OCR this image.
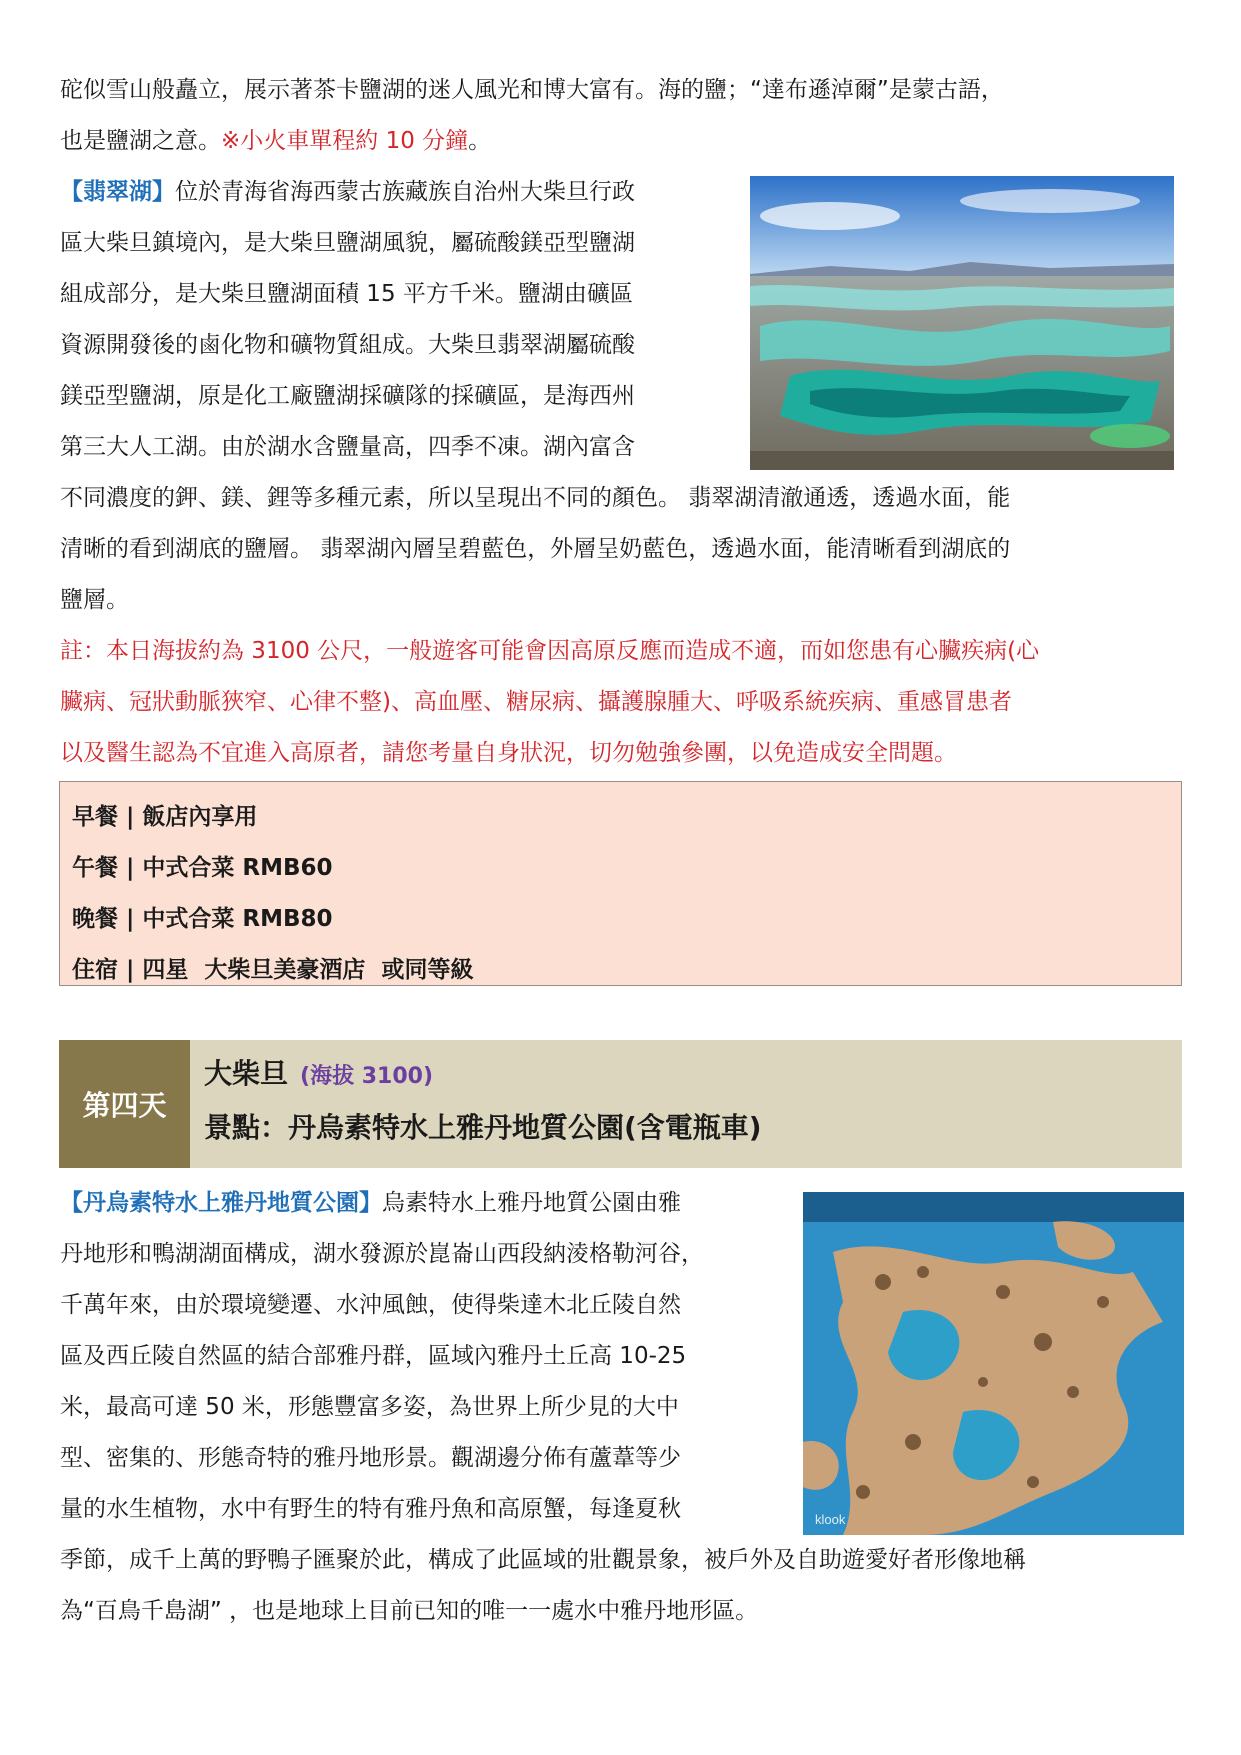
砣似雪山般矗立，展示著茶卡鹽湖的迷人風光和博大富有。海的鹽；“達布遜淖爾”是蒙古語，
也是鹽湖之意。※小火車單程約 10 分鐘。
【翡翠湖】位於青海省海西蒙古族藏族自治州大柴旦行政
區大柴旦鎮境內，是大柴旦鹽湖風貌，屬硫酸鎂亞型鹽湖
組成部分，是大柴旦鹽湖面積 15 平方千米。鹽湖由礦區
資源開發後的鹵化物和礦物質組成。大柴旦翡翠湖屬硫酸
鎂亞型鹽湖，原是化工廠鹽湖採礦隊的採礦區，是海西州
第三大人工湖。由於湖水含鹽量高，四季不凍。湖內富含
不同濃度的鉀、鎂、鋰等多種元素，所以呈現出不同的顏色。 翡翠湖清澈通透，透過水面，能
清晰的看到湖底的鹽層。 翡翠湖內層呈碧藍色，外層呈奶藍色，透過水面，能清晰看到湖底的
鹽層。
註：本日海拔約為 3100 公尺，一般遊客可能會因高原反應而造成不適，而如您患有心臟疾病(心
臟病、冠狀動脈狹窄、心律不整)、高血壓、糖尿病、攝護腺腫大、呼吸系統疾病、重感冒患者
以及醫生認為不宜進入高原者，請您考量自身狀況，切勿勉強參團，以免造成安全問題。
早餐 | 飯店內享用
午餐 | 中式合菜 RMB60
晚餐 | 中式合菜 RMB80
住宿 | 四星  大柴旦美豪酒店  或同等級
第四天
大柴旦 (海拔 3100)
景點：丹烏素特水上雅丹地質公園(含電瓶車)
【丹烏素特水上雅丹地質公園】烏素特水上雅丹地質公園由雅
丹地形和鴨湖湖面構成，湖水發源於崑崙山西段納淩格勒河谷，
千萬年來，由於環境變遷、水沖風蝕，使得柴達木北丘陵自然
區及西丘陵自然區的結合部雅丹群，區域內雅丹土丘高 10-25
米，最高可達 50 米，形態豐富多姿，為世界上所少見的大中
型、密集的、形態奇特的雅丹地形景。觀湖邊分佈有蘆葦等少
量的水生植物，水中有野生的特有雅丹魚和高原蟹，每逢夏秋	klook
季節，成千上萬的野鴨子匯聚於此，構成了此區域的壯觀景象，被戶外及自助遊愛好者形像地稱
為“百鳥千島湖” ，也是地球上目前已知的唯一一處水中雅丹地形區。
